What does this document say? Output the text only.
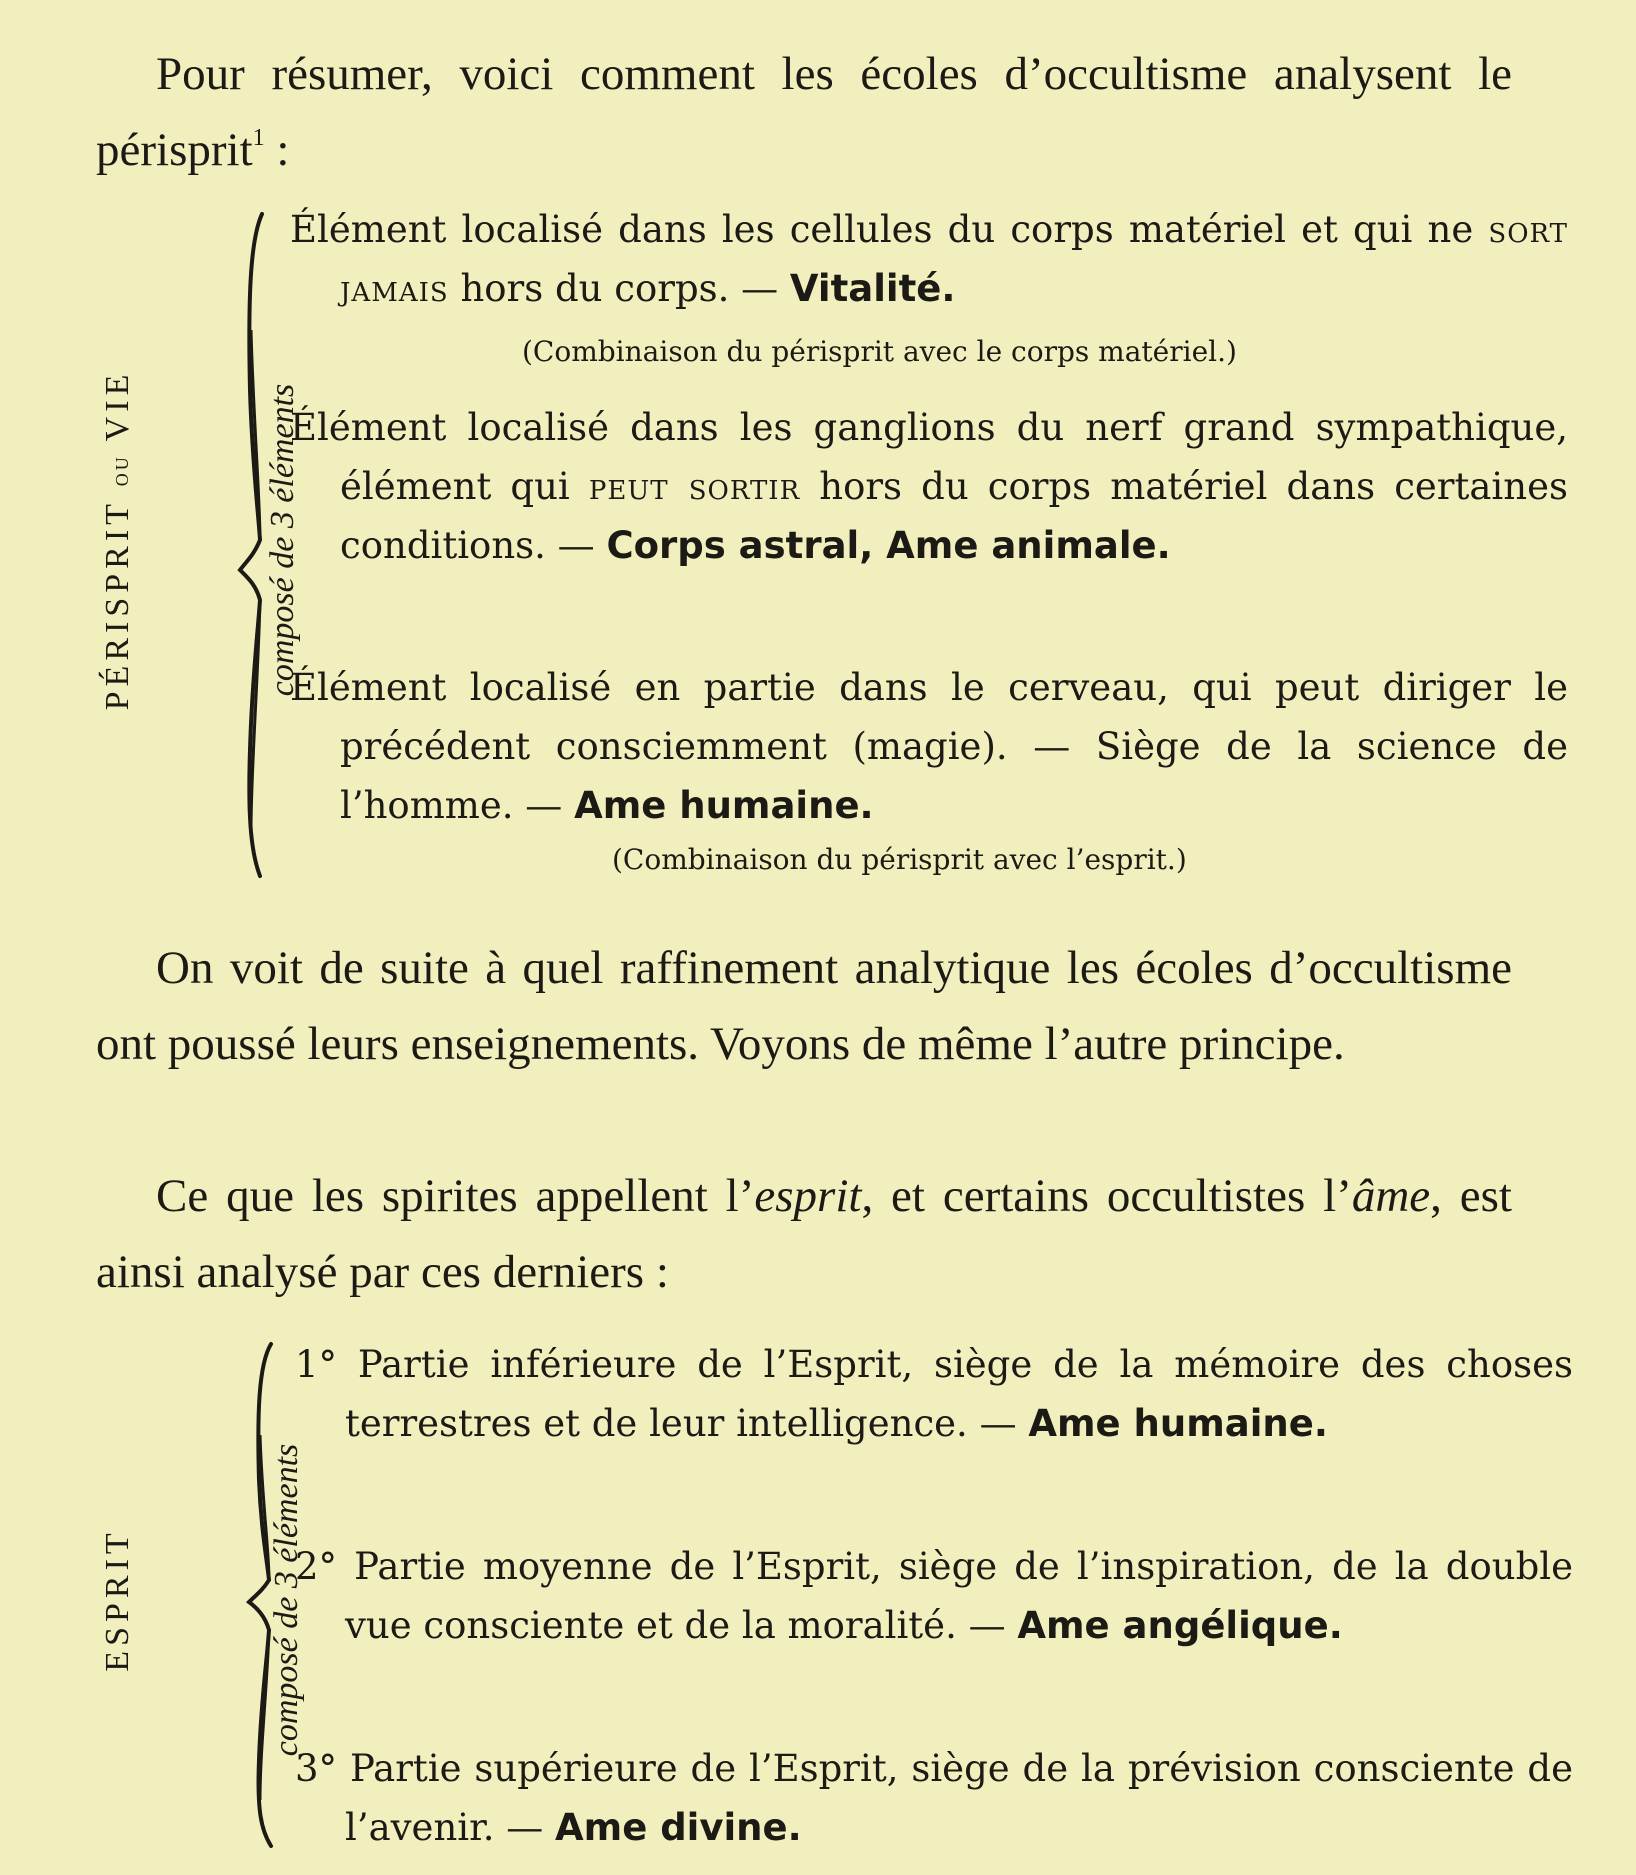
Pour résumer, voici comment les écoles d’occultisme analysent le périsprit$^1$ :

PÉRISPRIT ou VIE	composé de 3 éléments

Élément localisé dans les cellules du corps matériel et qui ne sort jamais hors du corps. — Vitalité.

(Combinaison du périsprit avec le corps matériel.)

Élément localisé dans les ganglions du nerf grand sympathique, élément qui peut sortir hors du corps matériel dans certaines conditions. — Corps astral, Ame animale.

Élément localisé en partie dans le cerveau, qui peut diriger le précédent consciemment (magie). — Siège de la science de l’homme. — Ame humaine.

(Combinaison du périsprit avec l’esprit.)

On voit de suite à quel raffinement analytique les écoles d’occultisme ont poussé leurs enseignements. Voyons de même l’autre principe.

Ce que les spirites appellent l’esprit, et certains occultistes l’âme, est ainsi analysé par ces derniers :

ESPRIT	composé de 3 éléments

1° Partie inférieure de l’Esprit, siège de la mémoire des choses terrestres et de leur intelligence. — Ame humaine.

2° Partie moyenne de l’Esprit, siège de l’inspiration, de la double vue consciente et de la moralité. — Ame angélique.

3° Partie supérieure de l’Esprit, siège de la prévision consciente de l’avenir. — Ame divine.
